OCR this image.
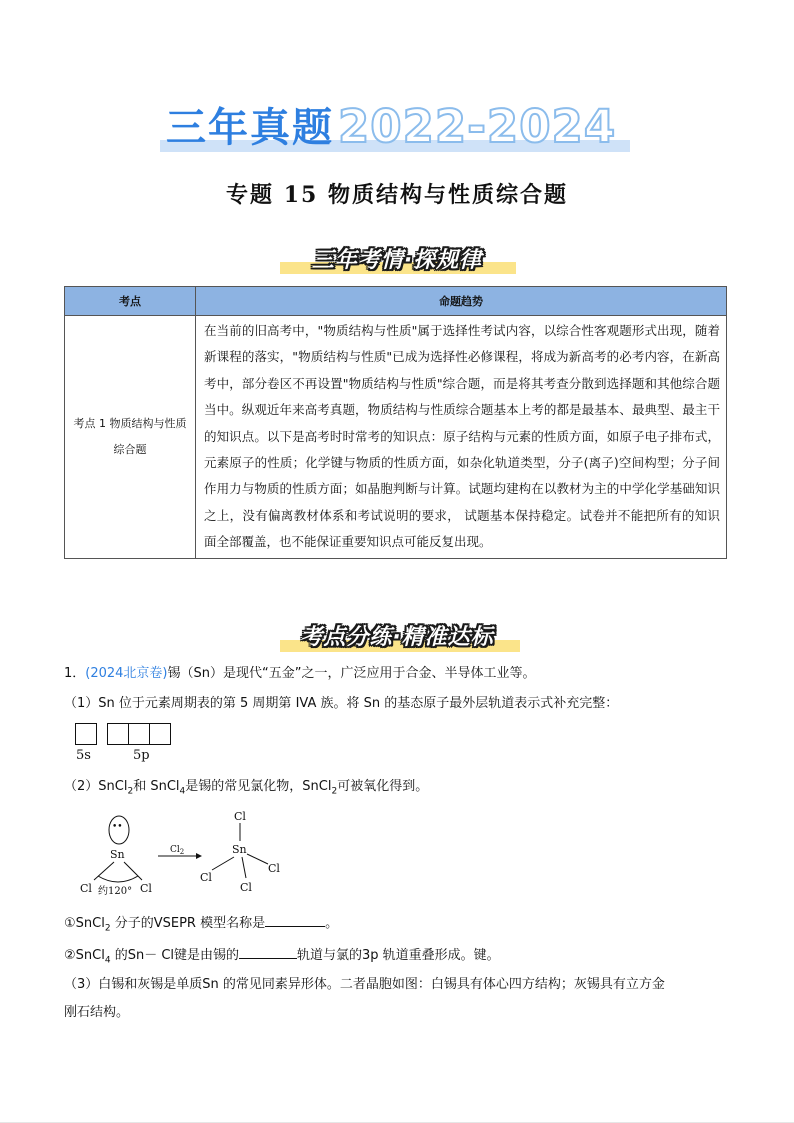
三年真题2022-2024
专题 15 物质结构与性质综合题
三年考情·探规律
考点	命题趋势
考点 1 物质结构与性质综合题	在当前的旧高考中，"物质结构与性质"属于选择性考试内容，以综合性客观题形式出现，随着新课程的落实，"物质结构与性质"已成为选择性必修课程，将成为新高考的必考内容，在新高考中，部分卷区不再设置"物质结构与性质"综合题，而是将其考查分散到选择题和其他综合题当中。纵观近年来高考真题，物质结构与性质综合题基本上考的都是最基本、最典型、最主干的知识点。以下是高考时时常考的知识点：原子结构与元素的性质方面，如原子电子排布式，元素原子的性质；化学键与物质的性质方面，如杂化轨道类型，分子(离子)空间构型；分子间作用力与物质的性质方面；如晶胞判断与计算。试题均建构在以教材为主的中学化学基础知识之上，没有偏离教材体系和考试说明的要求， 试题基本保持稳定。试卷并不能把所有的知识面全部覆盖，也不能保证重要知识点可能反复出现。
考点分练·精准达标
1．(2024北京卷)锡（Sn）是现代“五金”之一，广泛应用于合金、半导体工业等。
（1）Sn 位于元素周期表的第 5 周期第 IVA 族。将 Sn 的基态原子最外层轨道表示式补充完整：
5s	5p
（2）SnCl$_2$和 SnCl$_4$是锡的常见氯化物，SnCl$_2$可被氧化得到。
••
Sn
Cl	Cl
约120°
$Cl_2$
Cl
Sn
Cl
Cl
Cl
①SnCl$_2$ 分子的VSEPR 模型名称是	。
②SnCl$_4$ 的Sn－ Cl键是由锡的	轨道与氯的3p 轨道重叠形成。键。
（3）白锡和灰锡是单质Sn 的常见同素异形体。二者晶胞如图：白锡具有体心四方结构；灰锡具有立方金
刚石结构。
